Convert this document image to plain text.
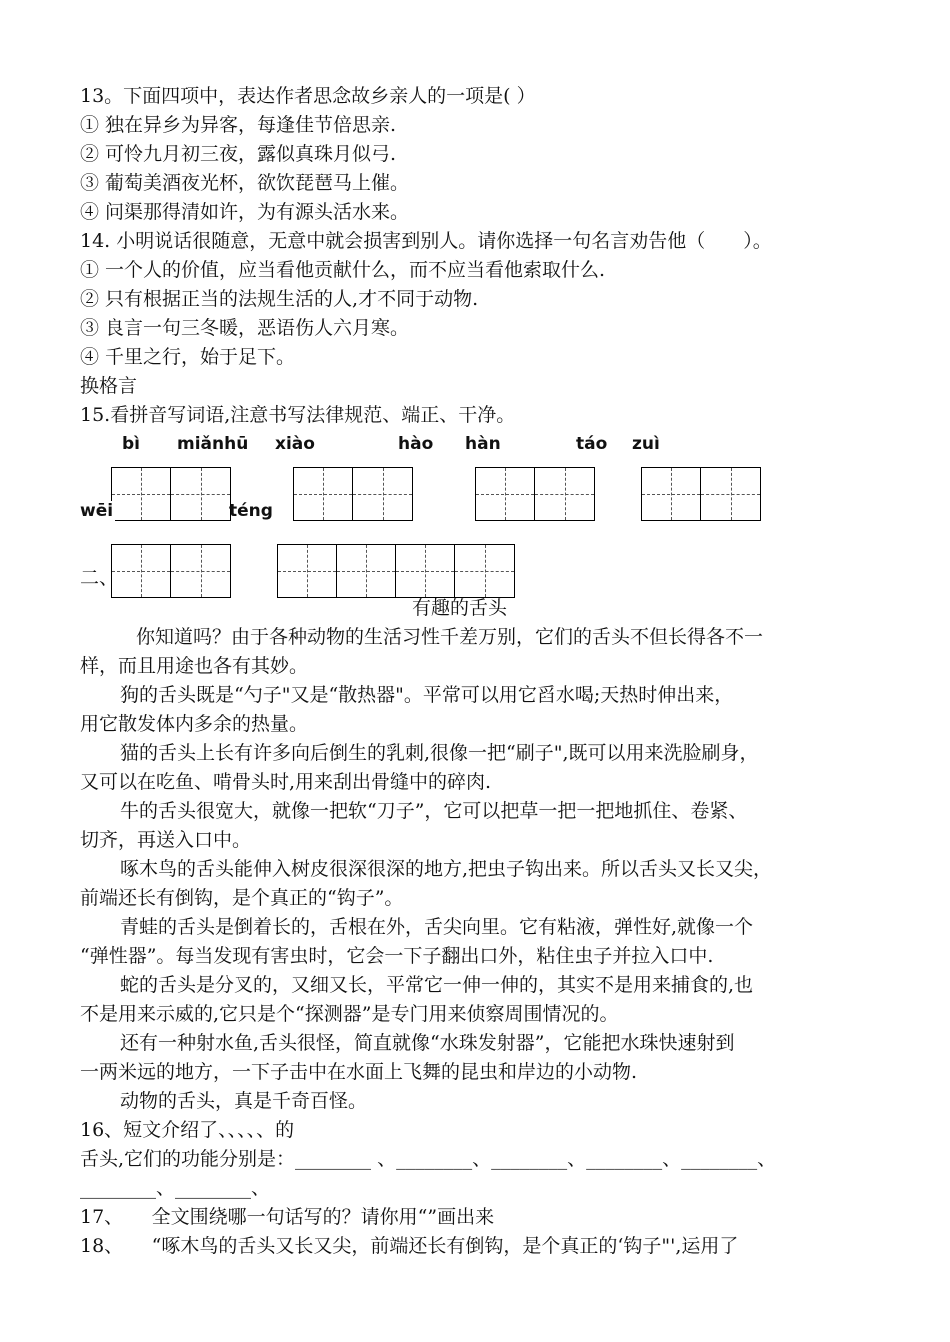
13。下面四项中，表达作者思念故乡亲人的一项是( ）
① 独在异乡为异客，每逢佳节倍思亲.
② 可怜九月初三夜，露似真珠月似弓.
③ 葡萄美酒夜光杯，欲饮琵琶马上催。
④ 问渠那得清如许，为有源头活水来。
14. 小明说话很随意，无意中就会损害到别人。请你选择一句名言劝告他（　　）。
① 一个人的价值，应当看他贡献什么，而不应当看他索取什么.
② 只有根据正当的法规生活的人,才不同于动物.
③ 良言一句三冬暖，恶语伤人六月寒。
④ 千里之行，始于足下。
换格言
15.看拼音写词语,注意书写法律规范、端正、干净。
bì miǎnhū xiào	hào hàn	táo zuì
wēi	téng
二、
有趣的舌头
你知道吗？由于各种动物的生活习性千差万别，它们的舌头不但长得各不一
样，而且用途也各有其妙。
狗的舌头既是“勺子"又是“散热器"。平常可以用它舀水喝;天热时伸出来，
用它散发体内多余的热量。
猫的舌头上长有许多向后倒生的乳刺,很像一把“刷子",既可以用来洗脸刷身，
又可以在吃鱼、啃骨头时,用来刮出骨缝中的碎肉.
牛的舌头很宽大，就像一把软“刀子”，它可以把草一把一把地抓住、卷紧、
切齐，再送入口中。
啄木鸟的舌头能伸入树皮很深很深的地方,把虫子钩出来。所以舌头又长又尖，
前端还长有倒钩，是个真正的“钩子”。
青蛙的舌头是倒着长的，舌根在外，舌尖向里。它有粘液，弹性好,就像一个
“弹性器”。每当发现有害虫时，它会一下子翻出口外，粘住虫子并拉入口中.
蛇的舌头是分叉的，又细又长，平常它一伸一伸的，其实不是用来捕食的,也
不是用来示威的,它只是个“探测器”是专门用来侦察周围情况的。
还有一种射水鱼,舌头很怪，简直就像“水珠发射器”，它能把水珠快速射到
一两米远的地方，一下子击中在水面上飞舞的昆虫和岸边的小动物.
动物的舌头，真是千奇百怪。
16、短文介绍了、、、、、的
舌头,它们的功能分别是：________ 、________、________、________、________、
________、________、
17、　　全文围绕哪一句话写的？请你用“”画出来
18、　　“啄木鸟的舌头又长又尖，前端还长有倒钩，是个真正的‘钩子"',运用了
